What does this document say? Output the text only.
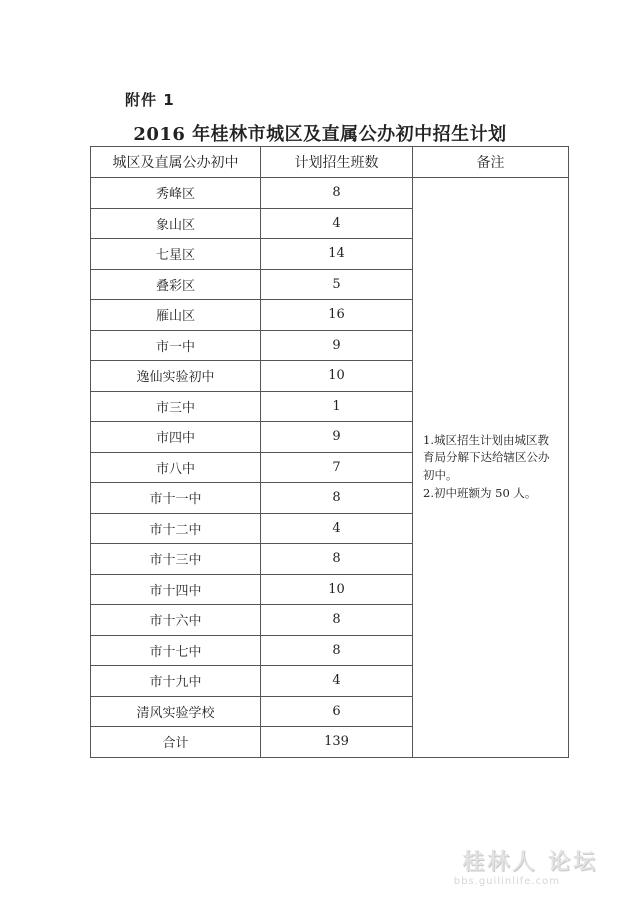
附件 1
2016 年桂林市城区及直属公办初中招生计划
城区及直属公办初中	计划招生班数	备注
秀峰区	8	1.城区招生计划由城区教育局分解下达给辖区公办初中。
2.初中班额为 50 人。

象山区	4	
七星区	14	
叠彩区	5	
雁山区	16	
市一中	9	
逸仙实验初中	10	
市三中	1	
市四中	9	
市八中	7	
市十一中	8	
市十二中	4	
市十三中	8	
市十四中	10	
市十六中	8	
市十七中	8	
市十九中	4	
清风实验学校	6	
合计	139	
桂林人 论坛
bbs.guilinlife.com
